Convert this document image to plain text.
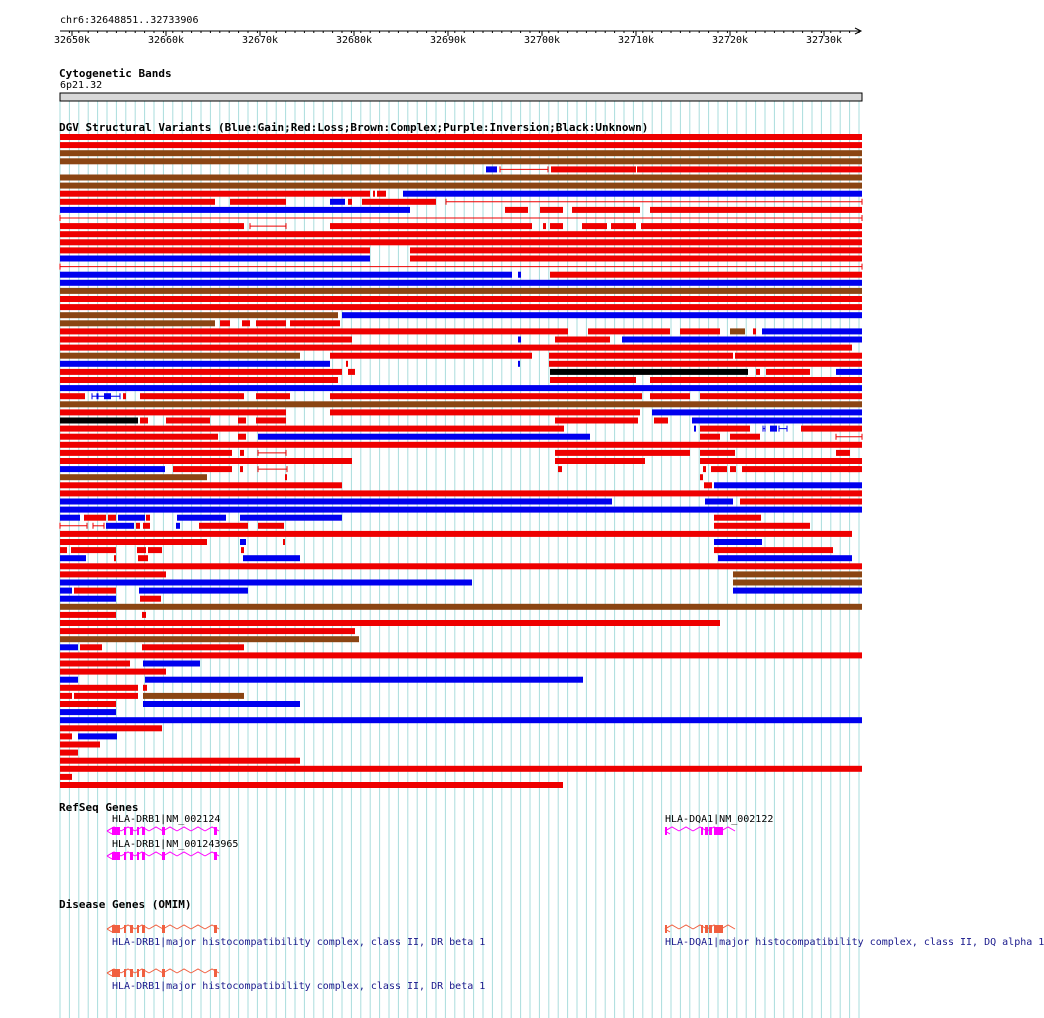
chr6:32648851..32733906
32650k	32660k	32670k	32680k	32690k	32700k	32710k	32720k	32730k
Cytogenetic Bands
6p21.32
DGV Structural Variants (Blue:Gain;Red:Loss;Brown:Complex;Purple:Inversion;Black:Unknown)
RefSeq Genes
HLA-DRB1|NM_002124
HLA-DRB1|NM_001243965
HLA-DQA1|NM_002122
Disease Genes (OMIM)
HLA-DRB1|major histocompatibility complex, class II, DR beta 1	HLA-DQA1|major histocompatibility complex, class II, DQ alpha 1
HLA-DRB1|major histocompatibility complex, class II, DR beta 1
